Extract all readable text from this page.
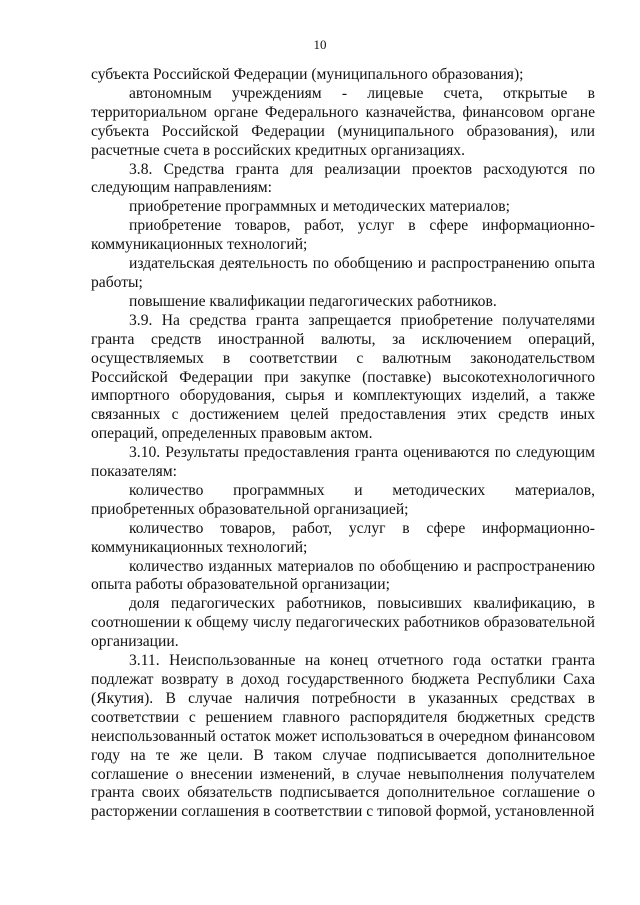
10

субъекта Российской Федерации (муниципального образования);

автономным учреждениям - лицевые счета, открытые в территориальном органе Федерального казначейства, финансовом органе субъекта Российской Федерации (муниципального образования), или расчетные счета в российских кредитных организациях.

3.8. Средства гранта для реализации проектов расходуются по следующим направлениям:

приобретение программных и методических материалов;

приобретение товаров, работ, услуг в сфере информационно-коммуникационных технологий;

издательская деятельность по обобщению и распространению опыта работы;

повышение квалификации педагогических работников.

3.9. На средства гранта запрещается приобретение получателями гранта средств иностранной валюты, за исключением операций, осуществляемых в соответствии с валютным законодательством Российской Федерации при закупке (поставке) высокотехнологичного импортного оборудования, сырья и комплектующих изделий, а также связанных с достижением целей предоставления этих средств иных операций, определенных правовым актом.

3.10. Результаты предоставления гранта оцениваются по следующим показателям:

количество программных и методических материалов, приобретенных образовательной организацией;

количество товаров, работ, услуг в сфере информационно-коммуникационных технологий;

количество изданных материалов по обобщению и распространению опыта работы образовательной организации;

доля педагогических работников, повысивших квалификацию, в соотношении к общему числу педагогических работников образовательной организации.

3.11. Неиспользованные на конец отчетного года остатки гранта подлежат возврату в доход государственного бюджета Республики Саха (Якутия). В случае наличия потребности в указанных средствах в соответствии с решением главного распорядителя бюджетных средств неиспользованный остаток может использоваться в очередном финансовом году на те же цели. В таком случае подписывается дополнительное соглашение о внесении изменений, в случае невыполнения получателем гранта своих обязательств подписывается дополнительное соглашение о расторжении соглашения в соответствии с типовой формой, установленной
